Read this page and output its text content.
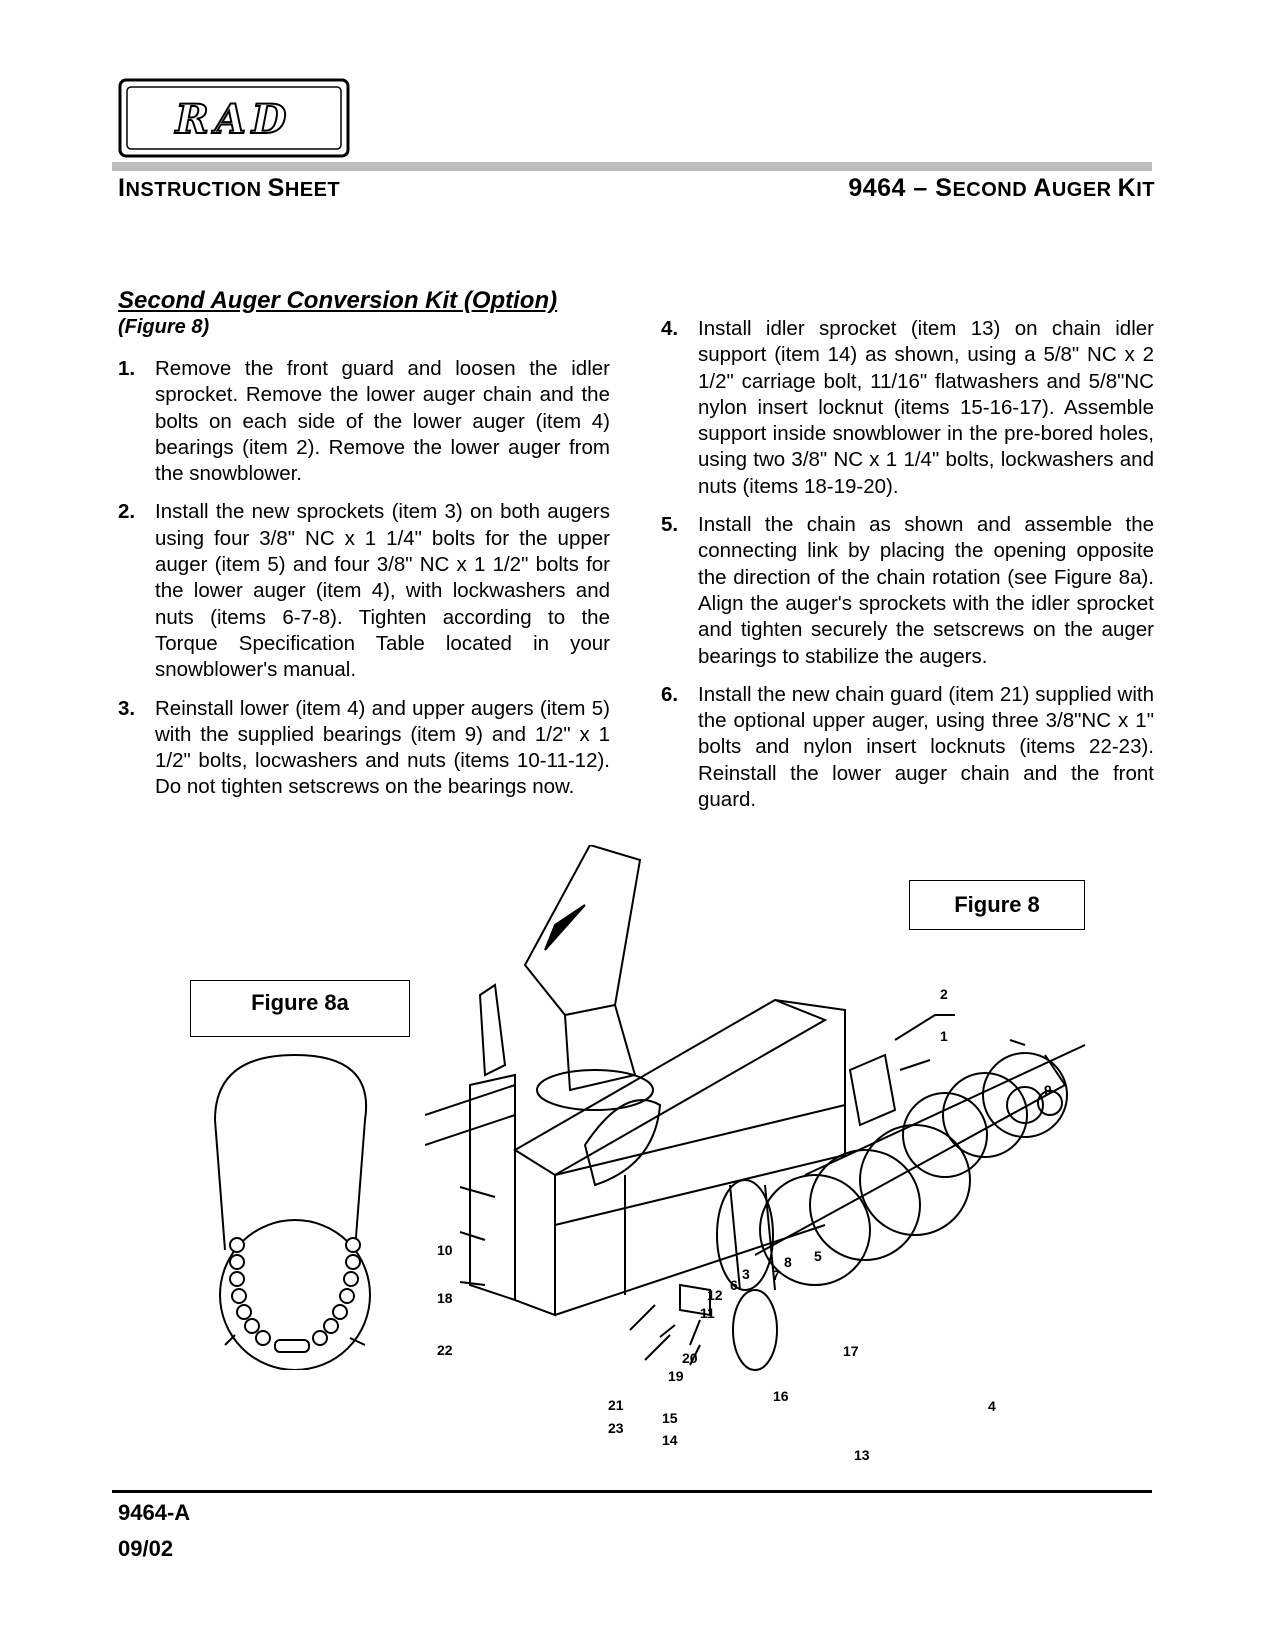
RAD
INSTRUCTION SHEET	9464 – SECOND AUGER KIT
Second Auger Conversion Kit (Option)
(Figure 8)
1. Remove the front guard and loosen the idler sprocket. Remove the lower auger chain and the bolts on each side of the lower auger (item 4) bearings (item 2). Remove the lower auger from the snowblower.
2. Install the new sprockets (item 3) on both augers using four 3/8" NC x 1 1/4" bolts for the upper auger (item 5) and four 3/8" NC x 1 1/2" bolts for the lower auger (item 4), with lockwashers and nuts (items 6-7-8). Tighten according to the Torque Specification Table located in your snowblower's manual.
3. Reinstall lower (item 4) and upper augers (item 5) with the supplied bearings (item 9) and 1/2" x 1 1/2" bolts, locwashers and nuts (items 10-11-12). Do not tighten setscrews on the bearings now.
4. Install idler sprocket (item 13) on chain idler support (item 14) as shown, using a 5/8" NC x 2 1/2" carriage bolt, 11/16" flatwashers and 5/8"NC nylon insert locknut (items 15-16-17). Assemble support inside snowblower in the pre-bored holes, using two 3/8" NC x 1 1/4" bolts, lockwashers and nuts (items 18-19-20).
5. Install the chain as shown and assemble the connecting link by placing the opening opposite the direction of the chain rotation (see Figure 8a). Align the auger's sprockets with the idler sprocket and tighten securely the setscrews on the auger bearings to stabilize the augers.
6. Install the new chain guard (item 21) supplied with the optional upper auger, using three 3/8"NC x 1" bolts and nylon insert locknuts (items 22-23). Reinstall the lower auger chain and the front guard.
1
2
3
4
5
6
7
8
9
10
11
12
13
14
15
16
17
18
19
20
21
22
23
Figure 8
Figure 8a
9464-A
09/02
